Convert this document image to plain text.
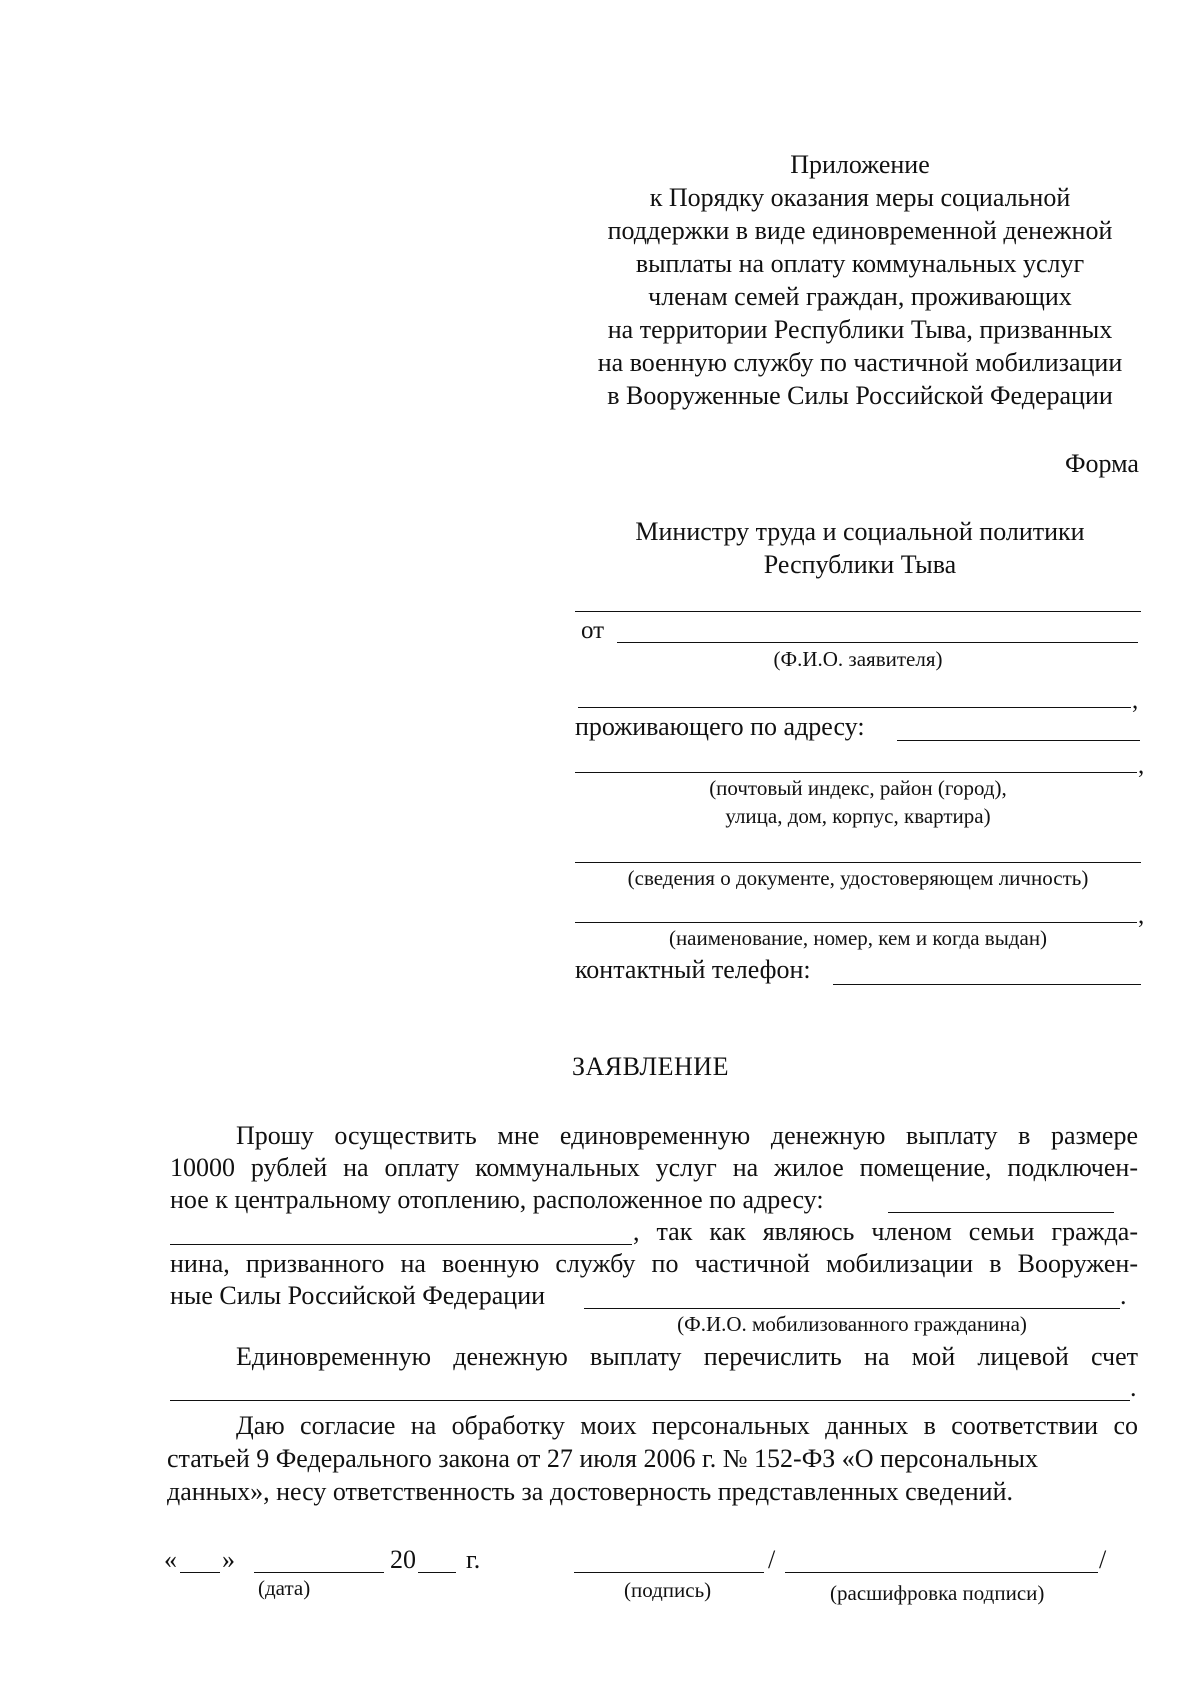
Приложение
к Порядку оказания меры социальной
поддержки в виде единовременной денежной
выплаты на оплату коммунальных услуг
членам семей граждан, проживающих
на территории Республики Тыва, призванных
на военную службу по частичной мобилизации
в Вооруженные Силы Российской Федерации
Форма
Министру труда и социальной политики
Республики Тыва
от
(Ф.И.О. заявителя)
,
проживающего по адресу:
,
(почтовый индекс, район (город),
улица, дом, корпус, квартира)
(сведения о документе, удостоверяющем личность)
,
(наименование, номер, кем и когда выдан)
контактный телефон:
ЗАЯВЛЕНИЕ
Прошу осуществить мне единовременную денежную выплату в размере
10000 рублей на оплату коммунальных услуг на жилое помещение, подключен-
ное к центральному отоплению, расположенное по адресу:
, так как являюсь членом семьи гражда-
нина, призванного на военную службу по частичной мобилизации в Вооружен-
ные Силы Российской Федерации	.
(Ф.И.О. мобилизованного гражданина)
Единовременную денежную выплату перечислить на мой лицевой счет
.
Даю согласие на обработку моих персональных данных в соответствии со
статьей 9 Федерального закона от 27 июля 2006 г. № 152-ФЗ «О персональных
данных», несу ответственность за достоверность представленных сведений.
« »	20 г.
(дата)
/	/
(подпись)	(расшифровка подписи)
